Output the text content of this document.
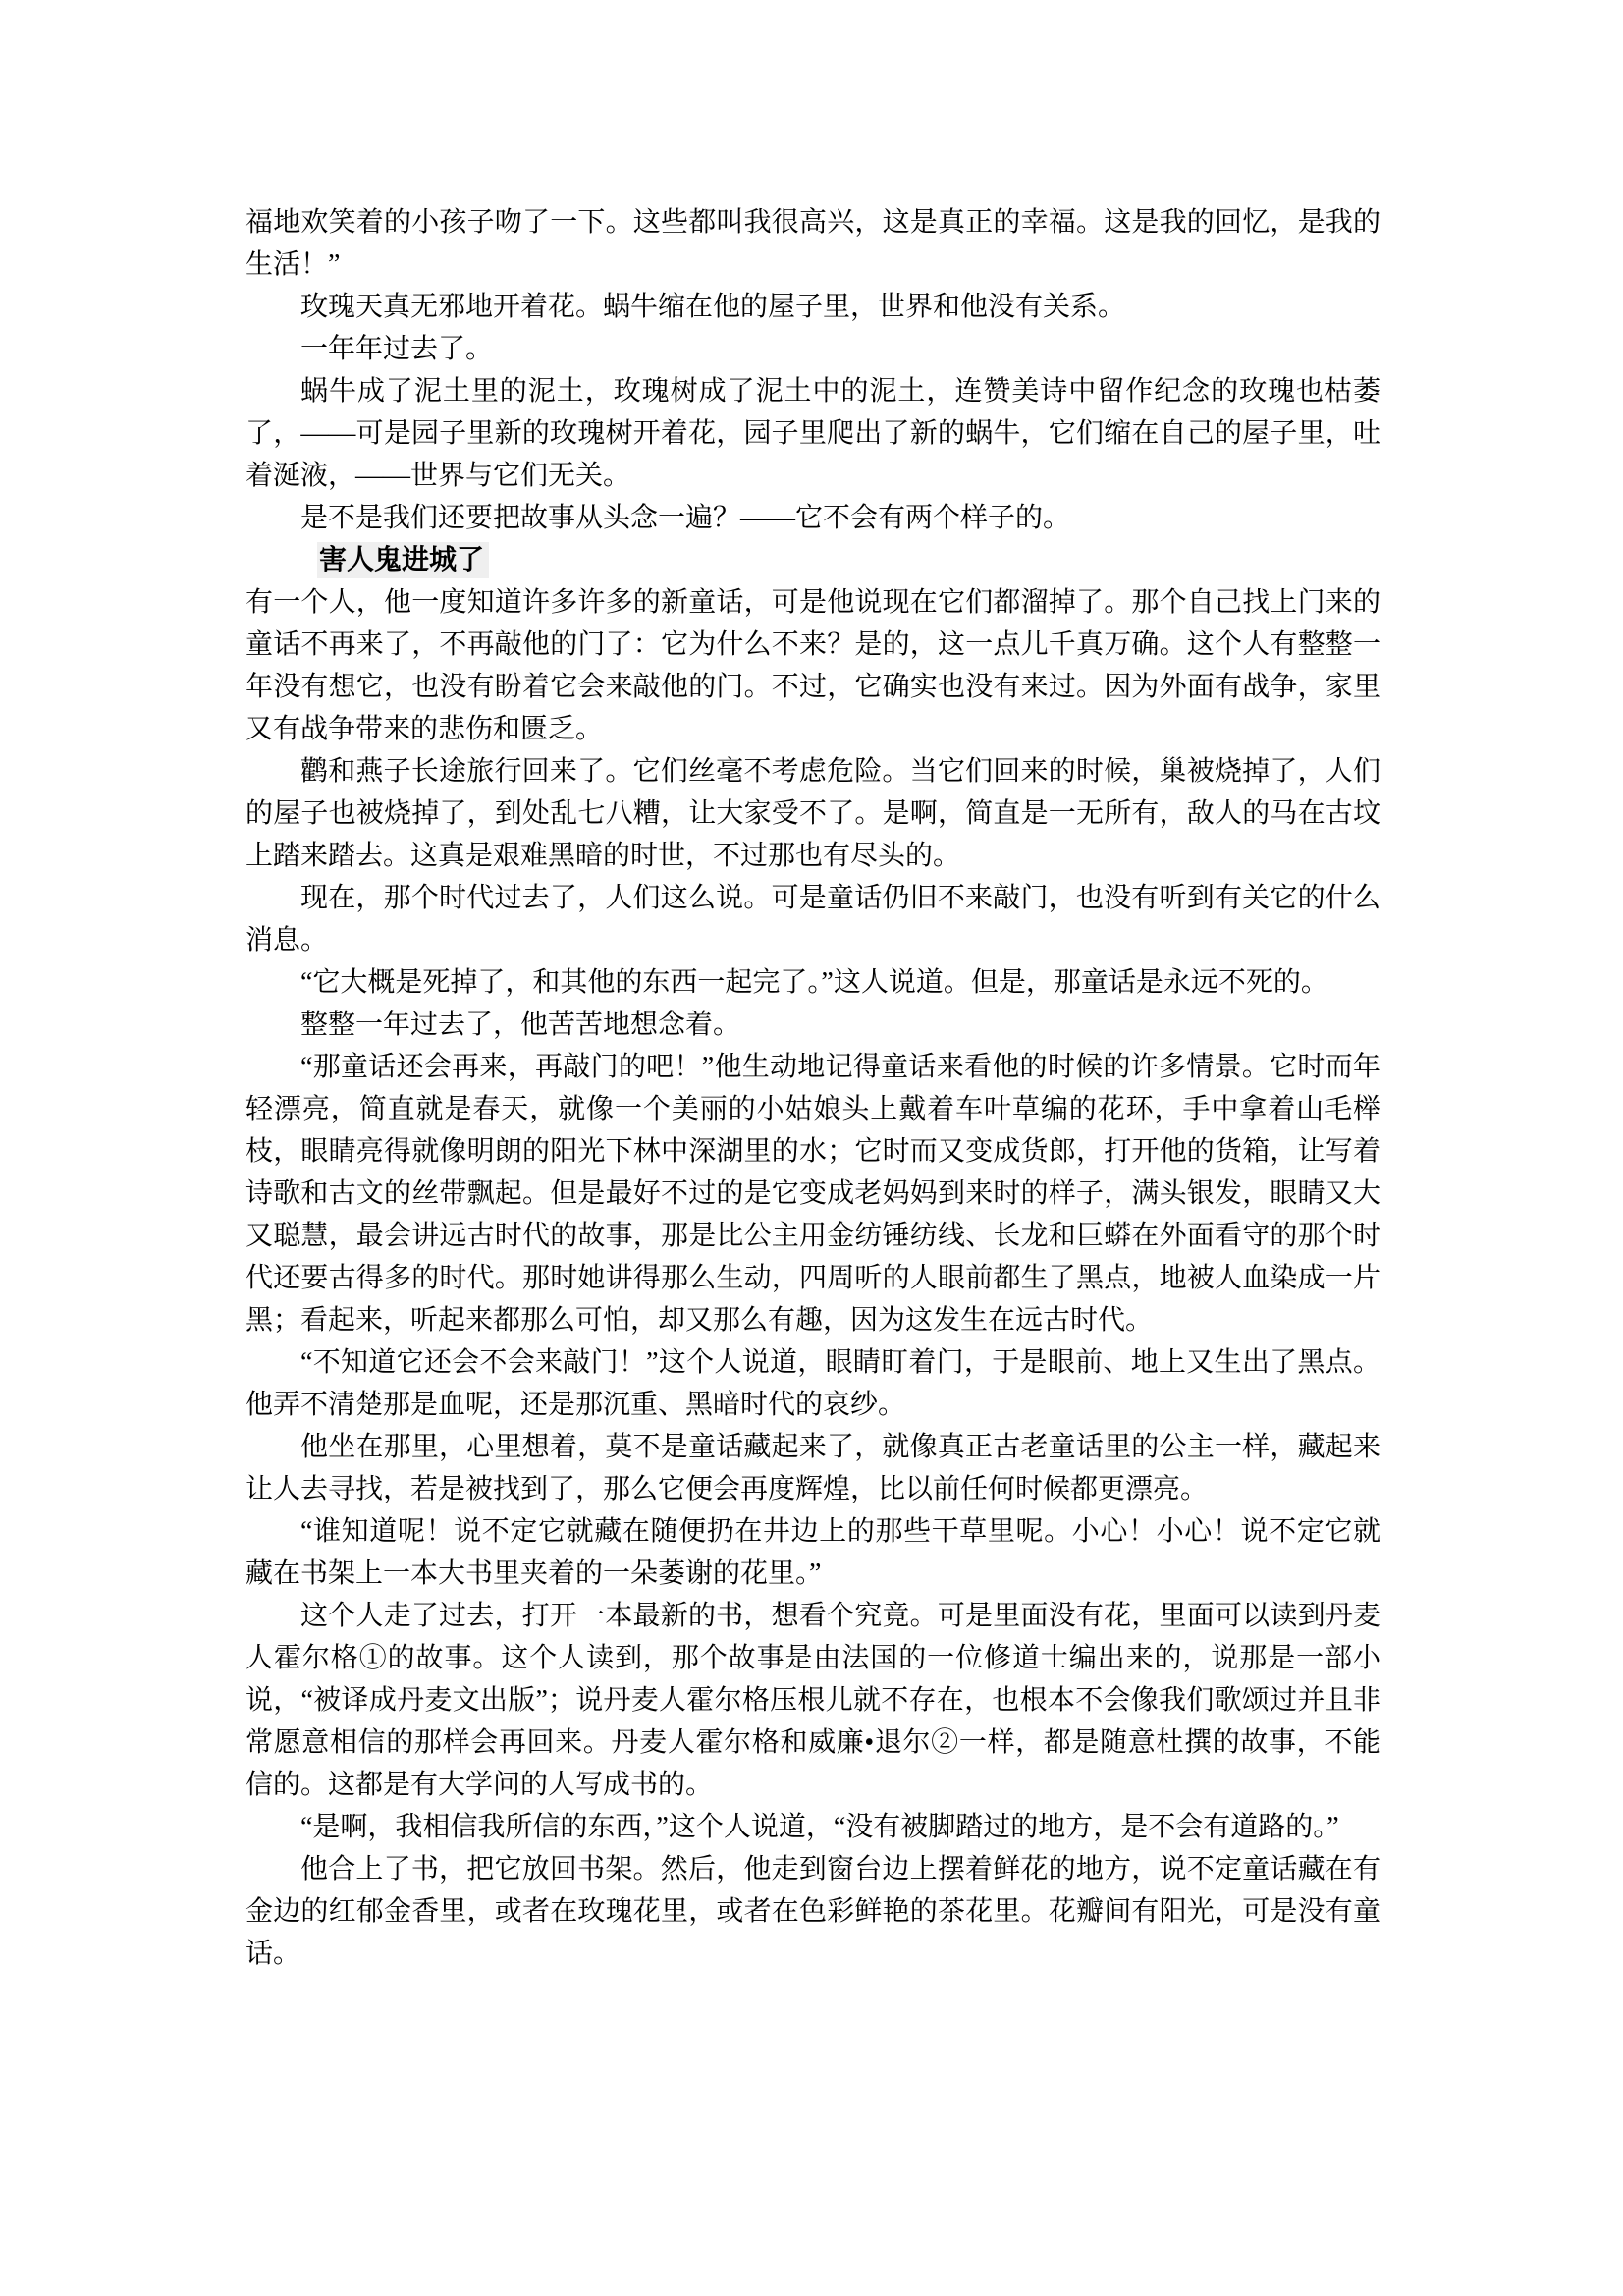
福地欢笑着的小孩子吻了一下。这些都叫我很高兴，这是真正的幸福。这是我的回忆，是我的生活！”

玫瑰天真无邪地开着花。蜗牛缩在他的屋子里，世界和他没有关系。

一年年过去了。

蜗牛成了泥土里的泥土，玫瑰树成了泥土中的泥土，连赞美诗中留作纪念的玫瑰也枯萎了，——可是园子里新的玫瑰树开着花，园子里爬出了新的蜗牛，它们缩在自己的屋子里，吐着涎液，——世界与它们无关。

是不是我们还要把故事从头念一遍？——它不会有两个样子的。

害人鬼进城了

有一个人，他一度知道许多许多的新童话，可是他说现在它们都溜掉了。那个自己找上门来的童话不再来了，不再敲他的门了：它为什么不来？是的，这一点儿千真万确。这个人有整整一年没有想它，也没有盼着它会来敲他的门。不过，它确实也没有来过。因为外面有战争，家里又有战争带来的悲伤和匮乏。

鹳和燕子长途旅行回来了。它们丝毫不考虑危险。当它们回来的时候，巢被烧掉了，人们的屋子也被烧掉了，到处乱七八糟，让大家受不了。是啊，简直是一无所有，敌人的马在古坟上踏来踏去。这真是艰难黑暗的时世，不过那也有尽头的。

现在，那个时代过去了，人们这么说。可是童话仍旧不来敲门，也没有听到有关它的什么消息。

“它大概是死掉了，和其他的东西一起完了。”这人说道。但是，那童话是永远不死的。

整整一年过去了，他苦苦地想念着。

“那童话还会再来，再敲门的吧！”他生动地记得童话来看他的时候的许多情景。它时而年轻漂亮，简直就是春天，就像一个美丽的小姑娘头上戴着车叶草编的花环，手中拿着山毛榉枝，眼睛亮得就像明朗的阳光下林中深湖里的水；它时而又变成货郎，打开他的货箱，让写着诗歌和古文的丝带飘起。但是最好不过的是它变成老妈妈到来时的样子，满头银发，眼睛又大又聪慧，最会讲远古时代的故事，那是比公主用金纺锤纺线、长龙和巨蟒在外面看守的那个时代还要古得多的时代。那时她讲得那么生动，四周听的人眼前都生了黑点，地被人血染成一片黑；看起来，听起来都那么可怕，却又那么有趣，因为这发生在远古时代。

“不知道它还会不会来敲门！”这个人说道，眼睛盯着门，于是眼前、地上又生出了黑点。他弄不清楚那是血呢，还是那沉重、黑暗时代的哀纱。

他坐在那里，心里想着，莫不是童话藏起来了，就像真正古老童话里的公主一样，藏起来让人去寻找，若是被找到了，那么它便会再度辉煌，比以前任何时候都更漂亮。

“谁知道呢！说不定它就藏在随便扔在井边上的那些干草里呢。小心！小心！说不定它就藏在书架上一本大书里夹着的一朵萎谢的花里。”

这个人走了过去，打开一本最新的书，想看个究竟。可是里面没有花，里面可以读到丹麦人霍尔格①的故事。这个人读到，那个故事是由法国的一位修道士编出来的，说那是一部小说，“被译成丹麦文出版”；说丹麦人霍尔格压根儿就不存在，也根本不会像我们歌颂过并且非常愿意相信的那样会再回来。丹麦人霍尔格和威廉•退尔②一样，都是随意杜撰的故事，不能信的。这都是有大学问的人写成书的。

“是啊，我相信我所信的东西，”这个人说道，“没有被脚踏过的地方，是不会有道路的。”

他合上了书，把它放回书架。然后，他走到窗台边上摆着鲜花的地方，说不定童话藏在有金边的红郁金香里，或者在玫瑰花里，或者在色彩鲜艳的茶花里。花瓣间有阳光，可是没有童话。
